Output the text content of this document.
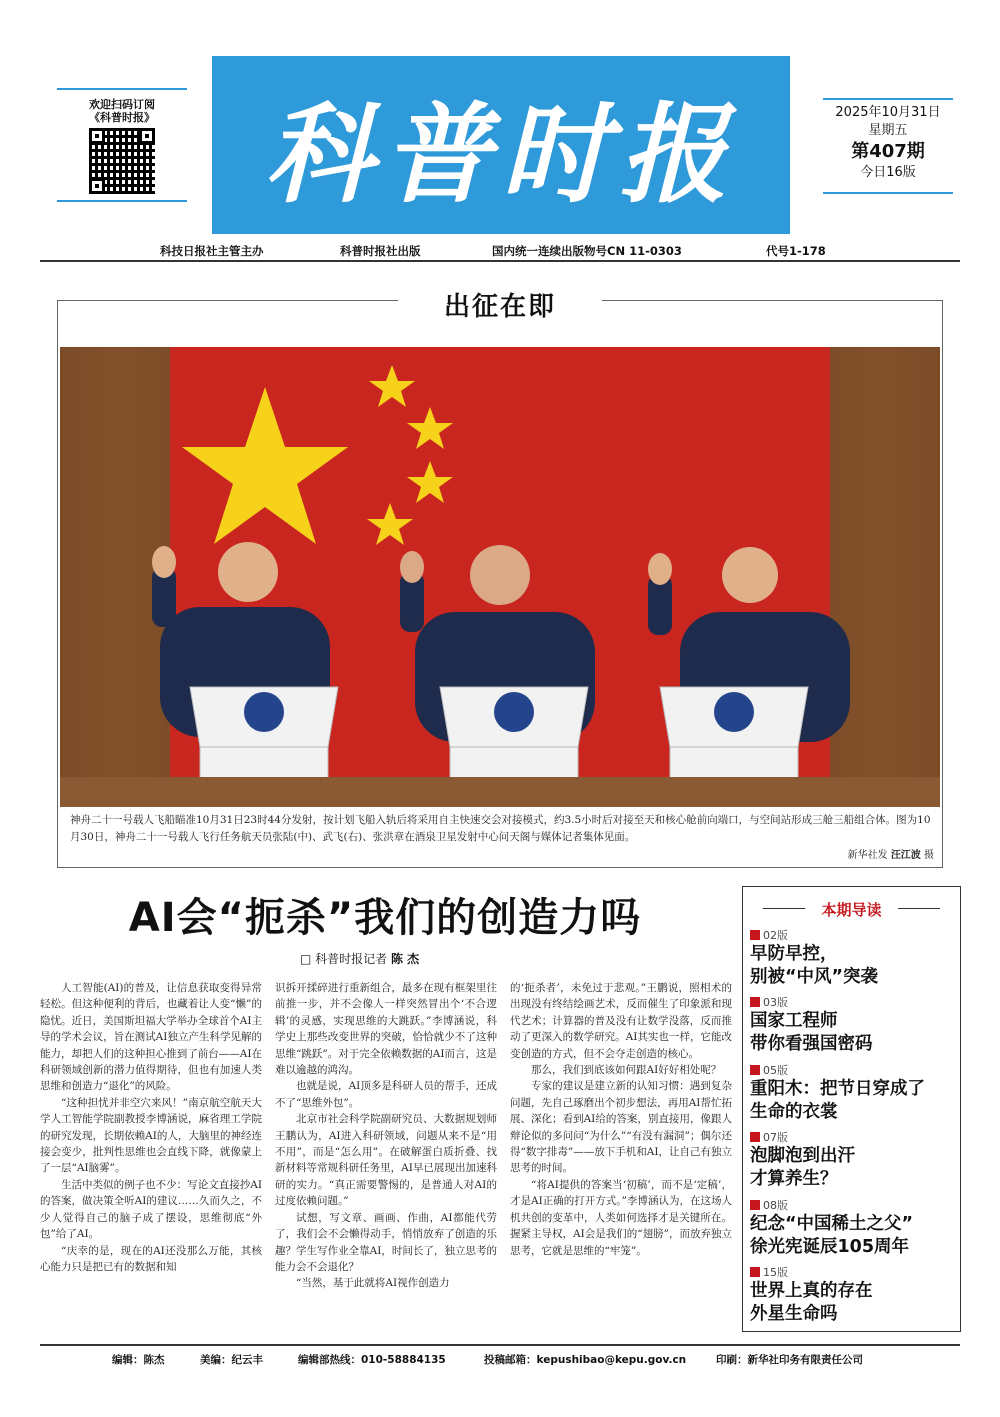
欢迎扫码订阅
《科普时报》 科普时报	2025年10月31日
星期五
第407期
今日16版
科技日报社主管主办	科普时报社出版	国内统一连续出版物号CN 11-0303	代号1-178
出征在即
神舟二十一号载人飞船瞄准10月31日23时44分发射，按计划飞船入轨后将采用自主快速交会对接模式，约3.5小时后对接至天和核心舱前向端口，与空间站形成三舱三船组合体。图为10月30日，神舟二十一号载人飞行任务航天员张陆(中)、武飞(右)、张洪章在酒泉卫星发射中心问天阁与媒体记者集体见面。
新华社发 汪江波 摄
AI会“扼杀”我们的创造力吗
□ 科普时报记者 陈 杰

人工智能(AI)的普及，让信息获取变得异常轻松。但这种便利的背后，也藏着让人变“懒”的隐忧。近日，美国斯坦福大学举办全球首个AI主导的学术会议，旨在测试AI独立产生科学见解的能力，却把人们的这种担心推到了前台——AI在科研领域创新的潜力值得期待，但也有加速人类思维和创造力“退化”的风险。

“这种担忧并非空穴来风！”南京航空航天大学人工智能学院副教授李博涵说，麻省理工学院的研究发现，长期依赖AI的人，大脑里的神经连接会变少，批判性思维也会直线下降，就像蒙上了一层“AI脑雾”。

生活中类似的例子也不少：写论文直接抄AI的答案，做决策全听AI的建议……久而久之，不少人觉得自己的脑子成了摆设，思维彻底“外包”给了AI。

“庆幸的是，现在的AI还没那么万能，其核心能力只是把已有的数据和知

识拆开揉碎进行重新组合，最多在现有框架里往前推一步，并不会像人一样突然冒出个‘不合逻辑’的灵感，实现思维的大跳跃。”李博涵说，科学史上那些改变世界的突破，恰恰就少不了这种思维“跳跃”。对于完全依赖数据的AI而言，这是难以逾越的鸿沟。

也就是说，AI顶多是科研人员的帮手，还成不了“思维外包”。

北京市社会科学院副研究员、大数据规划师王鹏认为，AI进入科研领域，问题从来不是“用不用”，而是“怎么用”。在破解蛋白质折叠、找新材料等常规科研任务里，AI早已展现出加速科研的实力。“真正需要警惕的，是普通人对AI的过度依赖问题。”

试想，写文章、画画、作曲，AI都能代劳了，我们会不会懒得动手，悄悄放弃了创造的乐趣？学生写作业全靠AI，时间长了，独立思考的能力会不会退化？

“当然，基于此就将AI视作创造力

的‘扼杀者’，未免过于悲观。”王鹏说，照相术的出现没有终结绘画艺术，反而催生了印象派和现代艺术；计算器的普及没有让数学没落，反而推动了更深入的数学研究。AI其实也一样，它能改变创造的方式，但不会夺走创造的核心。

那么，我们到底该如何跟AI好好相处呢？

专家的建议是建立新的认知习惯：遇到复杂问题，先自己琢磨出个初步想法，再用AI帮忙拓展、深化；看到AI给的答案，别直接用，像跟人辩论似的多问问“为什么”“有没有漏洞”；偶尔还得“数字排毒”——放下手机和AI，让自己有独立思考的时间。

“将AI提供的答案当‘初稿’，而不是‘定稿’，才是AI正确的打开方式。”李博涵认为，在这场人机共创的变革中，人类如何选择才是关键所在。握紧主导权，AI会是我们的“翅膀”，而放弃独立思考，它就是思维的“牢笼”。

本期导读
02版
早防早控，
别被“中风”突袭
03版
国家工程师
带你看强国密码
05版
重阳木：把节日穿成了
生命的衣裳
07版
泡脚泡到出汗
才算养生？
08版
纪念“中国稀土之父”
徐光宪诞辰105周年
15版
世界上真的存在
外星生命吗
编辑：陈杰	美编：纪云丰	编辑部热线：010-58884135	投稿邮箱：kepushibao@kepu.gov.cn	印刷：新华社印务有限责任公司
